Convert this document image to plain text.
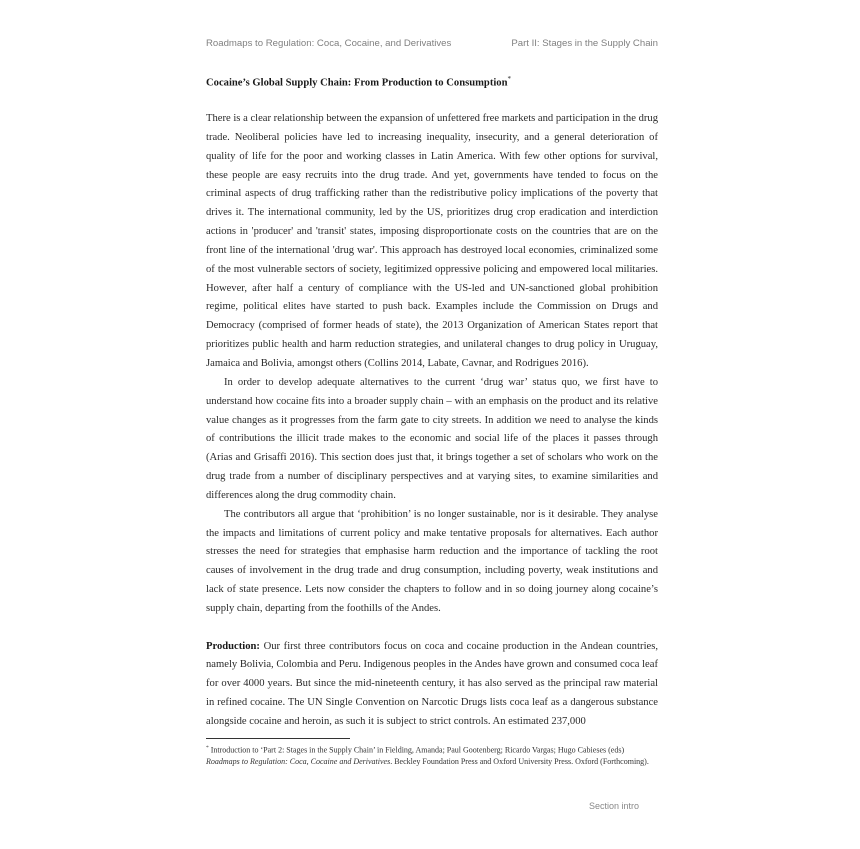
Roadmaps to Regulation: Coca, Cocaine, and Derivatives	Part II: Stages in the Supply Chain
Cocaine’s Global Supply Chain: From Production to Consumption*

There is a clear relationship between the expansion of unfettered free markets and participation in the drug trade. Neoliberal policies have led to increasing inequality, insecurity, and a general deterioration of quality of life for the poor and working classes in Latin America. With few other options for survival, these people are easy recruits into the drug trade. And yet, governments have tended to focus on the criminal aspects of drug trafficking rather than the redistributive policy implications of the poverty that drives it. The international community, led by the US, prioritizes drug crop eradication and interdiction actions in 'producer' and 'transit' states, imposing disproportionate costs on the countries that are on the front line of the international 'drug war'. This approach has destroyed local economies, criminalized some of the most vulnerable sectors of society, legitimized oppressive policing and empowered local militaries. However, after half a century of compliance with the US-led and UN-sanctioned global prohibition regime, political elites have started to push back. Examples include the Commission on Drugs and Democracy (comprised of former heads of state), the 2013 Organization of American States report that prioritizes public health and harm reduction strategies, and unilateral changes to drug policy in Uruguay, Jamaica and Bolivia, amongst others (Collins 2014, Labate, Cavnar, and Rodrigues 2016).

In order to develop adequate alternatives to the current ‘drug war’ status quo, we first have to understand how cocaine fits into a broader supply chain – with an emphasis on the product and its relative value changes as it progresses from the farm gate to city streets. In addition we need to analyse the kinds of contributions the illicit trade makes to the economic and social life of the places it passes through (Arias and Grisaffi 2016). This section does just that, it brings together a set of scholars who work on the drug trade from a number of disciplinary perspectives and at varying sites, to examine similarities and differences along the drug commodity chain.

The contributors all argue that ‘prohibition’ is no longer sustainable, nor is it desirable. They analyse the impacts and limitations of current policy and make tentative proposals for alternatives. Each author stresses the need for strategies that emphasise harm reduction and the importance of tackling the root causes of involvement in the drug trade and drug consumption, including poverty, weak institutions and lack of state presence. Lets now consider the chapters to follow and in so doing journey along cocaine’s supply chain, departing from the foothills of the Andes.

Production: Our first three contributors focus on coca and cocaine production in the Andean countries, namely Bolivia, Colombia and Peru. Indigenous peoples in the Andes have grown and consumed coca leaf for over 4000 years. But since the mid-nineteenth century, it has also served as the principal raw material in refined cocaine. The UN Single Convention on Narcotic Drugs lists coca leaf as a dangerous substance alongside cocaine and heroin, as such it is subject to strict controls. An estimated 237,000

* Introduction to ‘Part 2: Stages in the Supply Chain’ in Fielding, Amanda; Paul Gootenberg; Ricardo Vargas; Hugo Cabieses (eds) Roadmaps to Regulation: Coca, Cocaine and Derivatives. Beckley Foundation Press and Oxford University Press. Oxford (Forthcoming).
Section intro
